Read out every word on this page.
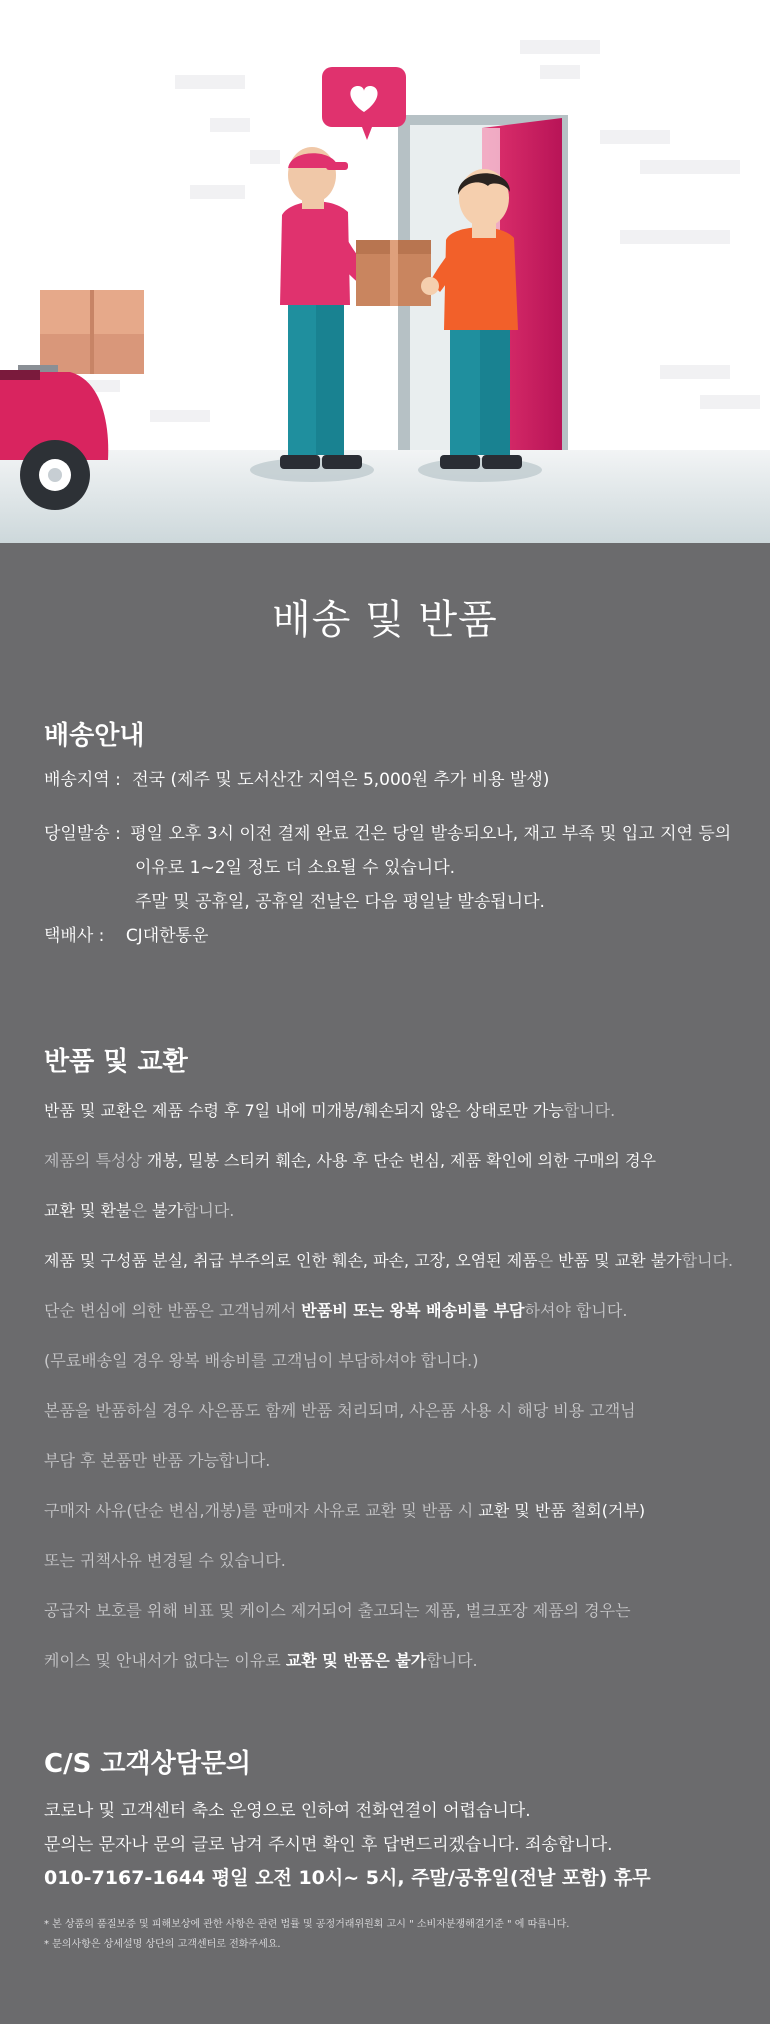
배송 및 반품
배송안내
배송지역 : 전국 (제주 및 도서산간 지역은 5,000원 추가 비용 발생)
당일발송 : 평일 오후 3시 이전 결제 완료 건은 당일 발송되오나, 재고 부족 및 입고 지연 등의
이유로 1~2일 정도 더 소요될 수 있습니다.
주말 및 공휴일, 공휴일 전날은 다음 평일날 발송됩니다.
택배사 : CJ대한통운
반품 및 교환
반품 및 교환은 제품 수령 후 7일 내에 미개봉/훼손되지 않은 상태로만 가능합니다.
제품의 특성상 개봉, 밀봉 스티커 훼손, 사용 후 단순 변심, 제품 확인에 의한 구매의 경우
교환 및 환불은 불가합니다.
제품 및 구성품 분실, 취급 부주의로 인한 훼손, 파손, 고장, 오염된 제품은 반품 및 교환 불가합니다.
단순 변심에 의한 반품은 고객님께서 반품비 또는 왕복 배송비를 부담하셔야 합니다.
(무료배송일 경우 왕복 배송비를 고객님이 부담하셔야 합니다.)
본품을 반품하실 경우 사은품도 함께 반품 처리되며, 사은품 사용 시 해당 비용 고객님
부담 후 본품만 반품 가능합니다.
구매자 사유(단순 변심,개봉)를 판매자 사유로 교환 및 반품 시 교환 및 반품 철회(거부)
또는 귀책사유 변경될 수 있습니다.
공급자 보호를 위해 비표 및 케이스 제거되어 출고되는 제품, 벌크포장 제품의 경우는
케이스 및 안내서가 없다는 이유로 교환 및 반품은 불가합니다.
C/S 고객상담문의
코로나 및 고객센터 축소 운영으로 인하여 전화연결이 어렵습니다.
문의는 문자나 문의 글로 남겨 주시면 확인 후 답변드리겠습니다. 죄송합니다.
010-7167-1644 평일 오전 10시~ 5시, 주말/공휴일(전날 포함) 휴무
* 본 상품의 품질보증 및 피해보상에 관한 사항은 관련 법률 및 공정거래위원회 고시 " 소비자분쟁해결기준 " 에 따릅니다.
* 문의사항은 상세설명 상단의 고객센터로 전화주세요.
